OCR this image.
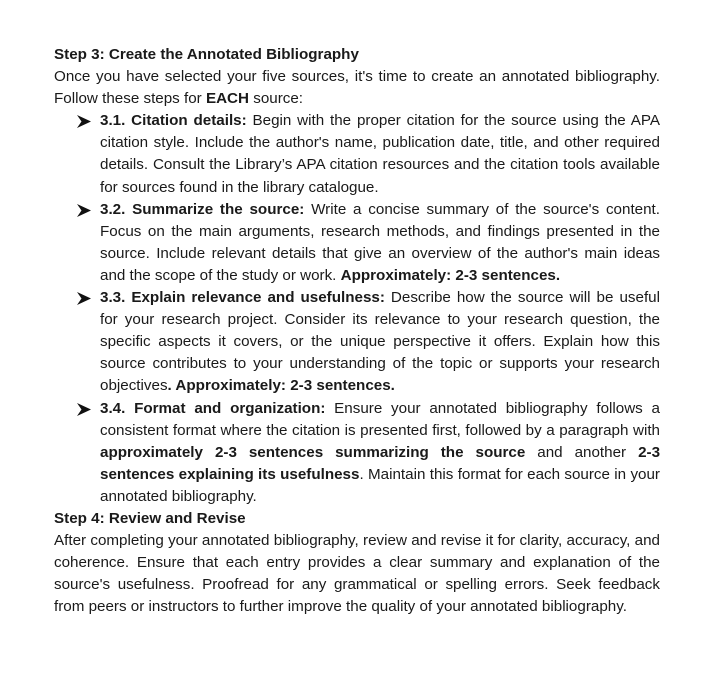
Step 3: Create the Annotated Bibliography

Once you have selected your five sources, it's time to create an annotated bibliography. Follow these steps for EACH source:

3.1. Citation details: Begin with the proper citation for the source using the APA citation style. Include the author's name, publication date, title, and other required details. Consult the Library’s APA citation resources and the citation tools available for sources found in the library catalogue.
3.2. Summarize the source: Write a concise summary of the source's content. Focus on the main arguments, research methods, and findings presented in the source. Include relevant details that give an overview of the author's main ideas and the scope of the study or work. Approximately: 2-3 sentences.
3.3. Explain relevance and usefulness: Describe how the source will be useful for your research project. Consider its relevance to your research question, the specific aspects it covers, or the unique perspective it offers. Explain how this source contributes to your understanding of the topic or supports your research objectives. Approximately: 2-3 sentences.
3.4. Format and organization: Ensure your annotated bibliography follows a consistent format where the citation is presented first, followed by a paragraph with approximately 2-3 sentences summarizing the source and another 2-3 sentences explaining its usefulness. Maintain this format for each source in your annotated bibliography.

Step 4: Review and Revise

After completing your annotated bibliography, review and revise it for clarity, accuracy, and coherence. Ensure that each entry provides a clear summary and explanation of the source's usefulness. Proofread for any grammatical or spelling errors. Seek feedback from peers or instructors to further improve the quality of your annotated bibliography.
